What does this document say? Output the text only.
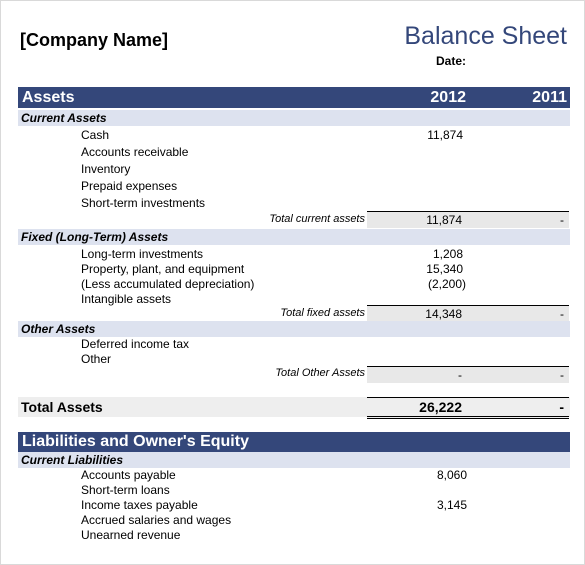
[Company Name]	Balance Sheet
Date:
Assets	2012	2011
Current Assets
Cash	11,874
Accounts receivable
Inventory
Prepaid expenses
Short-term investments
Total current assets	11,874	-
Fixed (Long-Term) Assets
Long-term investments	1,208
Property, plant, and equipment	15,340
(Less accumulated depreciation)	(2,200)
Intangible assets
Total fixed assets	14,348	-
Other Assets
Deferred income tax
Other
Total Other Assets	-	-
Total Assets	26,222	-
Liabilities and Owner's Equity
Current Liabilities
Accounts payable	8,060
Short-term loans
Income taxes payable	3,145
Accrued salaries and wages
Unearned revenue
